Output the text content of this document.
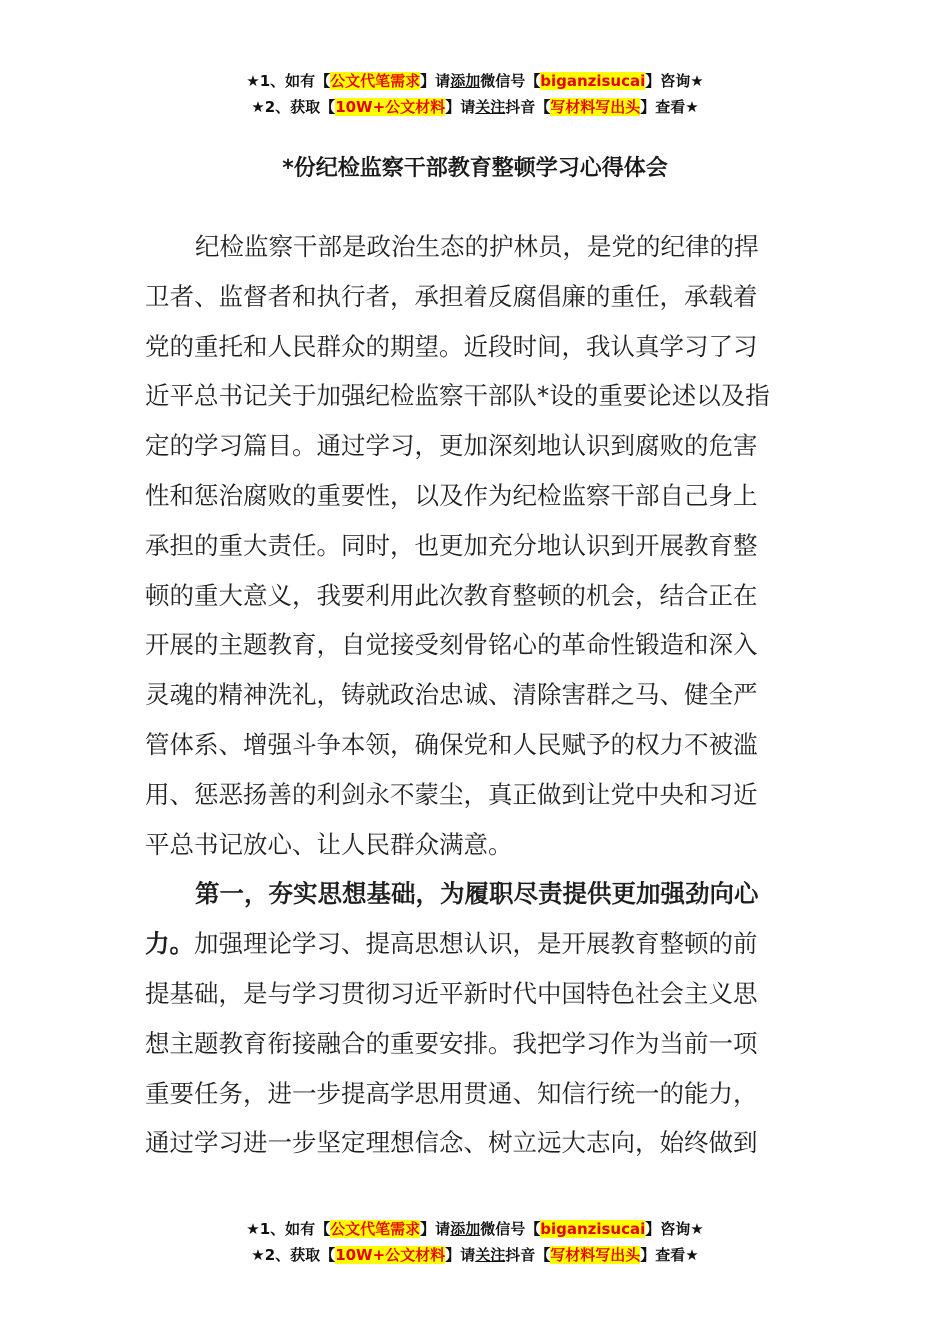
★1、如有【公文代笔需求】请添加微信号【biganzisucai】咨询★
★2、获取【10W+公文材料】请关注抖音【写材料写出头】查看★
*份纪检监察干部教育整顿学习心得体会
纪检监察干部是政治生态的护林员，是党的纪律的捍
卫者、监督者和执行者，承担着反腐倡廉的重任，承载着
党的重托和人民群众的期望。近段时间，我认真学习了习
近平总书记关于加强纪检监察干部队*设的重要论述以及指
定的学习篇目。通过学习，更加深刻地认识到腐败的危害
性和惩治腐败的重要性，以及作为纪检监察干部自己身上
承担的重大责任。同时，也更加充分地认识到开展教育整
顿的重大意义，我要利用此次教育整顿的机会，结合正在
开展的主题教育，自觉接受刻骨铭心的革命性锻造和深入
灵魂的精神洗礼，铸就政治忠诚、清除害群之马、健全严
管体系、增强斗争本领，确保党和人民赋予的权力不被滥
用、惩恶扬善的利剑永不蒙尘，真正做到让党中央和习近
平总书记放心、让人民群众满意。
第一，夯实思想基础，为履职尽责提供更加强劲向心
力。加强理论学习、提高思想认识，是开展教育整顿的前
提基础，是与学习贯彻习近平新时代中国特色社会主义思
想主题教育衔接融合的重要安排。我把学习作为当前一项
重要任务，进一步提高学思用贯通、知信行统一的能力，
通过学习进一步坚定理想信念、树立远大志向，始终做到
★1、如有【公文代笔需求】请添加微信号【biganzisucai】咨询★
★2、获取【10W+公文材料】请关注抖音【写材料写出头】查看★
